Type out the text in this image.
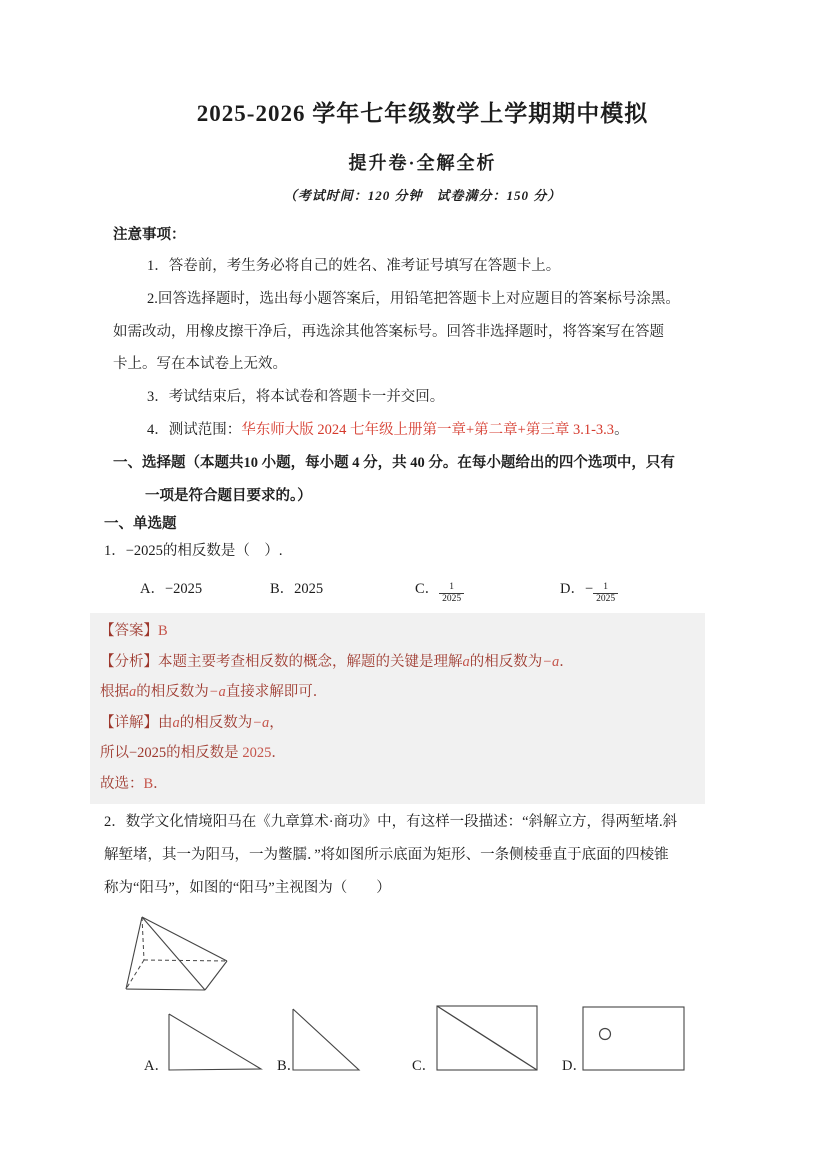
2025-2026 学年七年级数学上学期期中模拟
提升卷·全解全析
（考试时间：120 分钟　试卷满分：150 分）
注意事项：
1．答卷前，考生务必将自己的姓名、准考证号填写在答题卡上。
2.回答选择题时，选出每小题答案后，用铅笔把答题卡上对应题目的答案标号涂黑。
如需改动，用橡皮擦干净后，再选涂其他答案标号。回答非选择题时，将答案写在答题
卡上。写在本试卷上无效。
3．考试结束后，将本试卷和答题卡一并交回。
4．测试范围：华东师大版 2024 七年级上册第一章+第二章+第三章 3.1-3.3。
一、选择题（本题共10 小题，每小题 4 分，共 40 分。在每小题给出的四个选项中，只有
一项是符合题目要求的。）
一、单选题
1．−2025的相反数是（　）.
A．−2025	B．2025	C． $\frac{1}{2025}$	D．− $\frac{1}{2025}$
【答案】B
【分析】本题主要考查相反数的概念，解题的关键是理解a的相反数为−a．
根据a的相反数为−a直接求解即可．
【详解】由a的相反数为−a，
所以−2025的相反数是 2025．
故选：B．
2．数学文化情境阳马在《九章算术·商功》中，有这样一段描述：“斜解立方，得两堑堵.斜
解堑堵，其一为阳马，一为鳖臑．”将如图所示底面为矩形、一条侧棱垂直于底面的四棱锥
称为“阳马”，如图的“阳马”主视图为（　　）
A．	B．	C．	D．
